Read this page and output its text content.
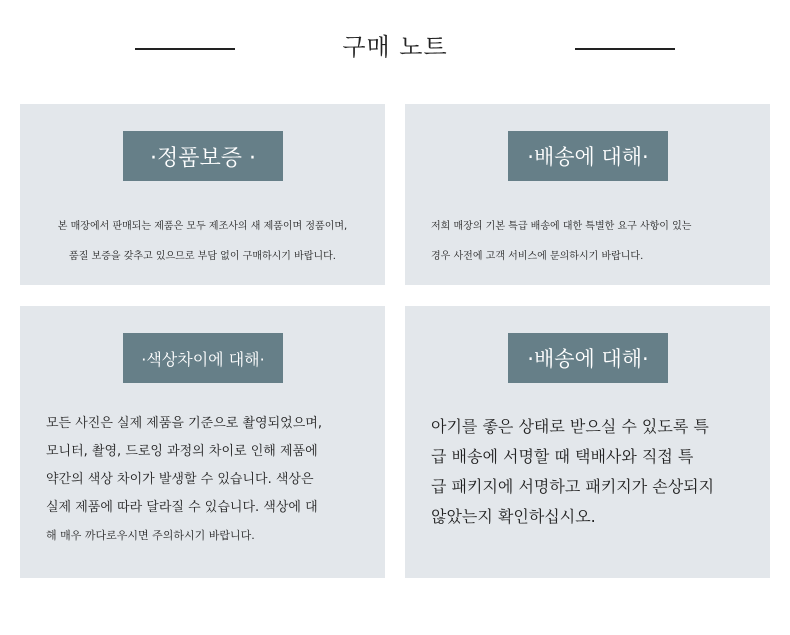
구매 노트
·정품보증 ·
본 매장에서 판매되는 제품은 모두 제조사의 새 제품이며 정품이며,
품질 보증을 갖추고 있으므로 부담 없이 구매하시기 바랍니다.
·배송에 대해·
저희 매장의 기본 특급 배송에 대한 특별한 요구 사항이 있는
경우 사전에 고객 서비스에 문의하시기 바랍니다.
·색상차이에 대해·
모든 사진은 실제 제품을 기준으로 촬영되었으며,
모니터, 촬영, 드로잉 과정의 차이로 인해 제품에
약간의 색상 차이가 발생할 수 있습니다. 색상은
실제 제품에 따라 달라질 수 있습니다. 색상에 대
해 매우 까다로우시면 주의하시기 바랍니다.
·배송에 대해·
아기를 좋은 상태로 받으실 수 있도록 특
급 배송에 서명할 때 택배사와 직접 특
급 패키지에 서명하고 패키지가 손상되지
않았는지 확인하십시오.
